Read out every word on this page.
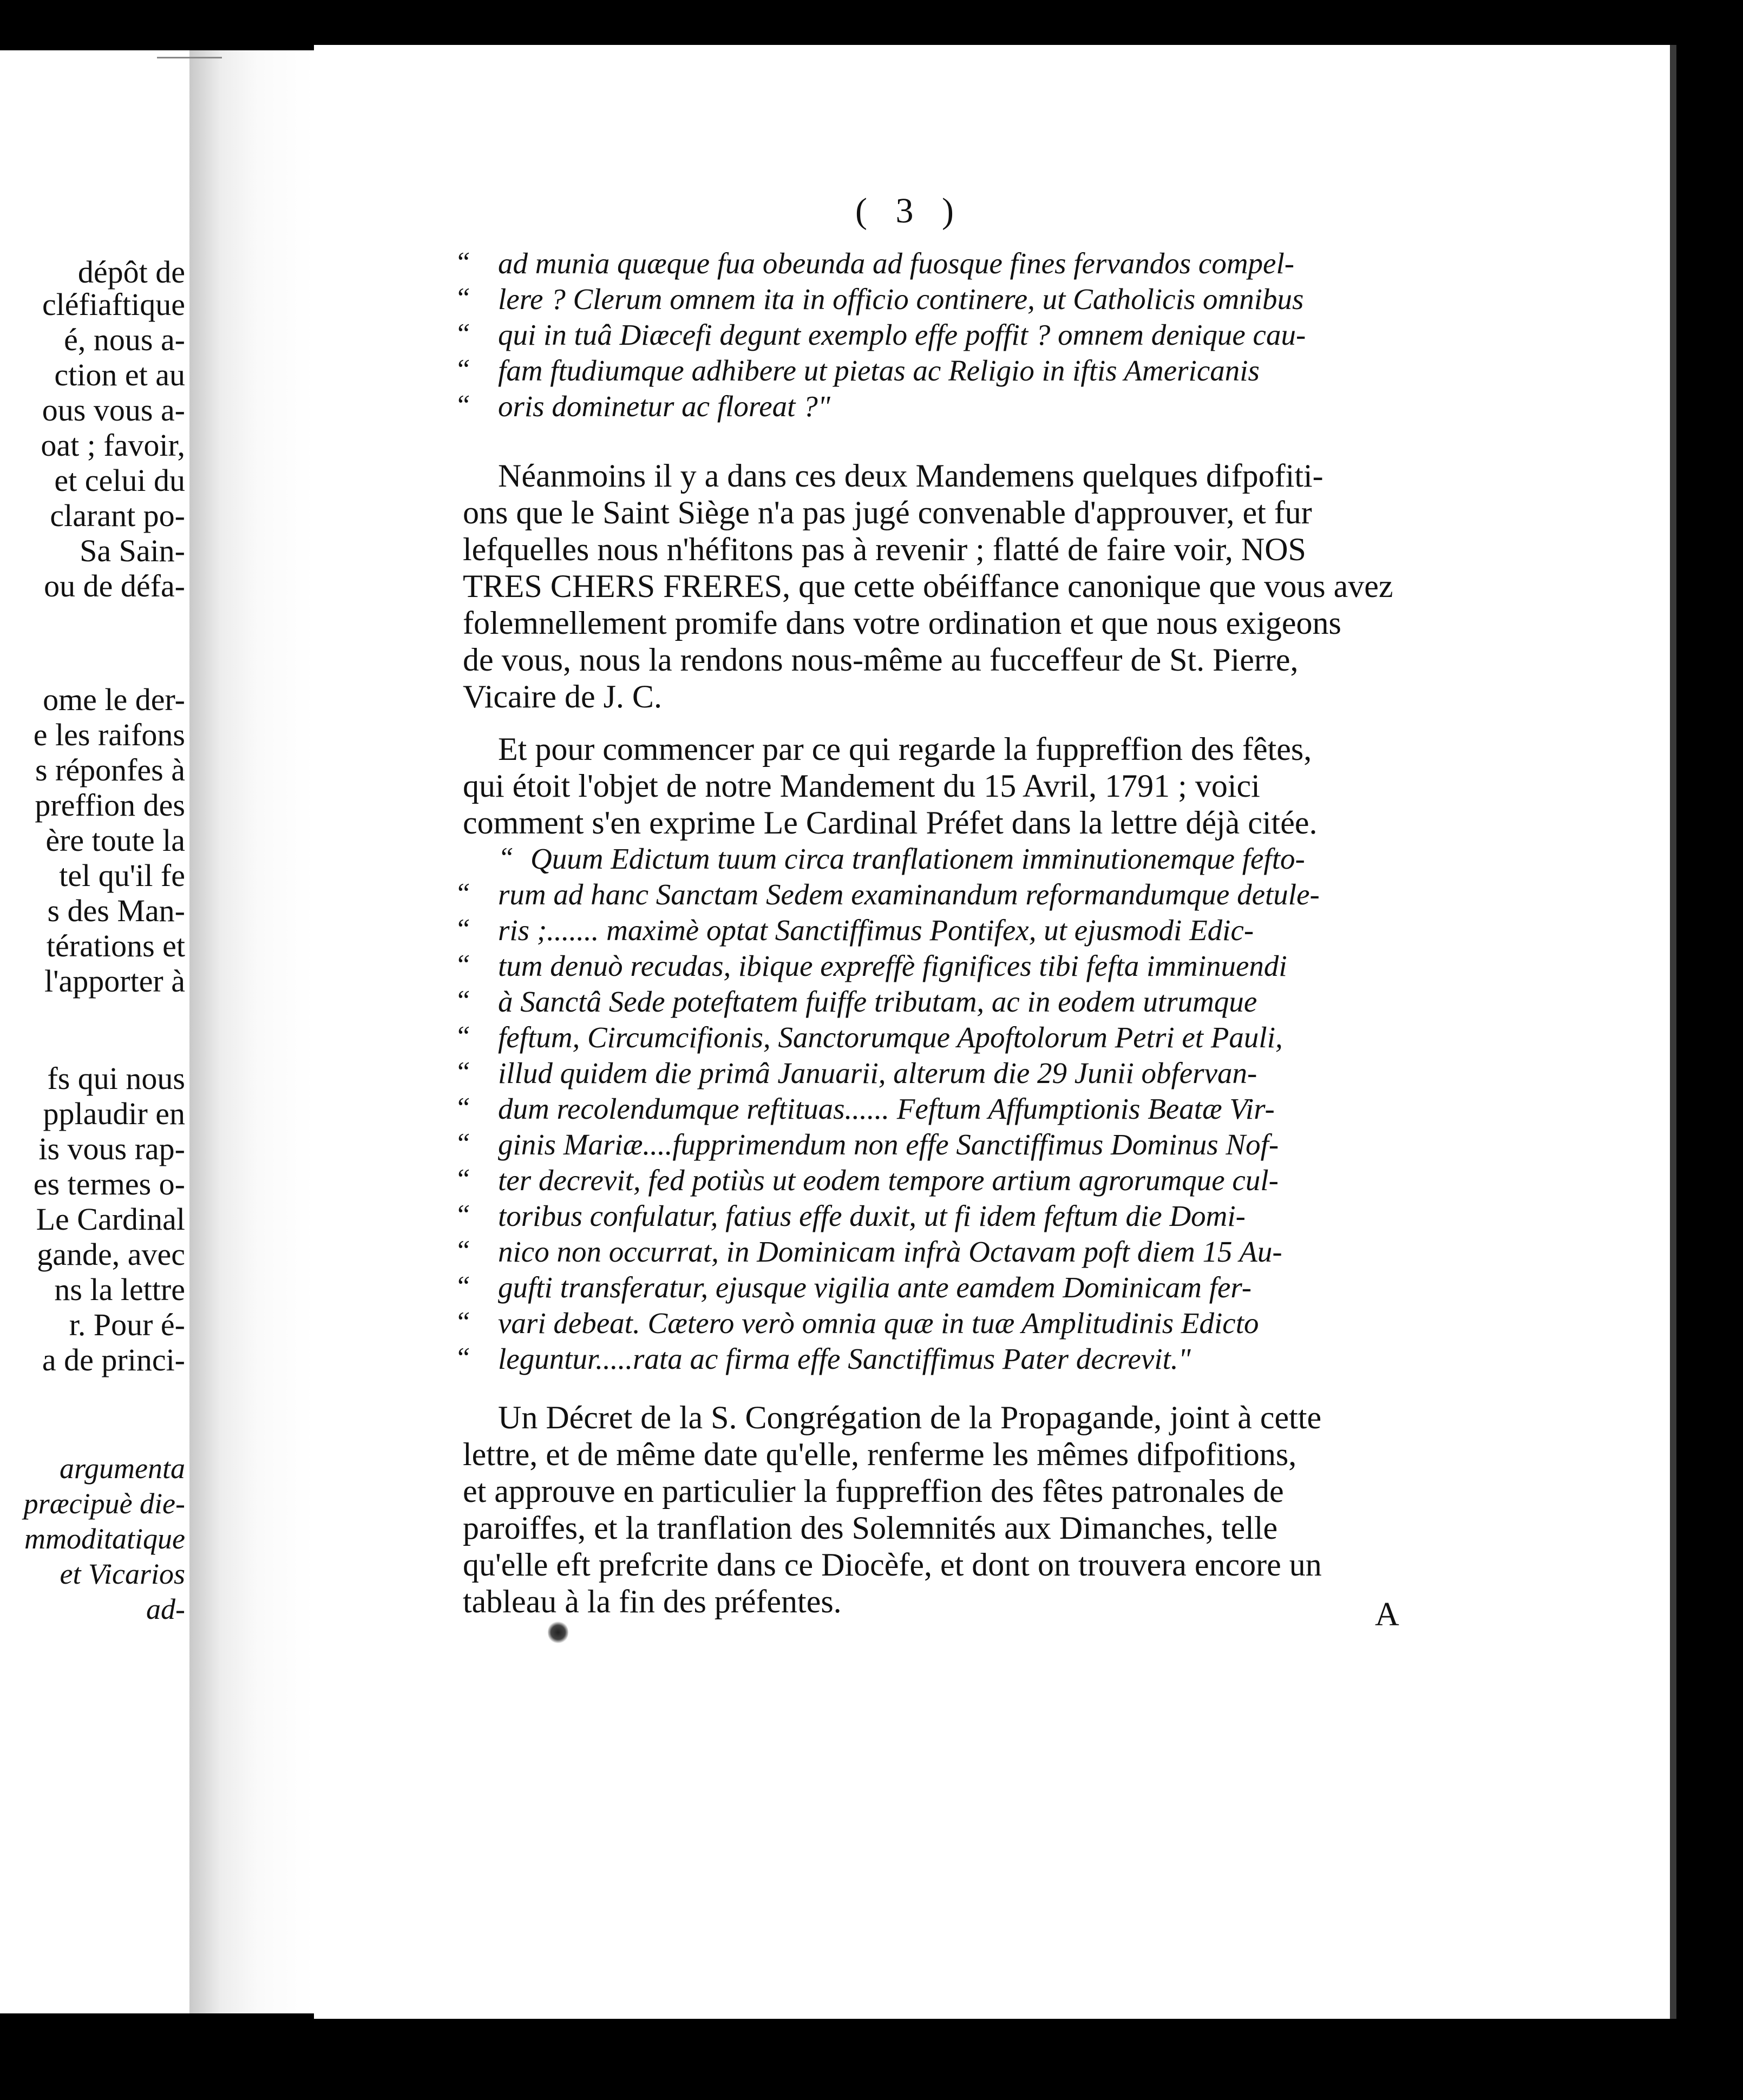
dépôt de
cléfiaftique
é, nous a-
ction et au
ous vous a-
oat ; favoir,
et celui du
clarant po-
Sa Sain-
ou de défa-
ome le der-
e les raifons
s réponfes à
preffion des
ère toute la
tel qu'il fe
s des Man-
térations et
l'apporter à
fs qui nous
pplaudir en
is vous rap-
es termes o-
Le Cardinal
gande, avec
ns la lettre
r. Pour é-
a de princi-
argumenta
præcipuè die-
mmoditatique
et Vicarios
ad-
( 3 )
“ ad munia quæque fua obeunda ad fuosque fines fervandos compel-
“ lere ? Clerum omnem ita in officio continere, ut Catholicis omnibus
“ qui in tuâ Diæcefi degunt exemplo effe poffit ? omnem denique cau-
“ fam ftudiumque adhibere ut pietas ac Religio in iftis Americanis
“ oris dominetur ac floreat ?"
Néanmoins il y a dans ces deux Mandemens quelques difpofiti-
ons que le Saint Siège n'a pas jugé convenable d'approuver, et fur
lefquelles nous n'héfitons pas à revenir ; flatté de faire voir, NOS
TRES CHERS FRERES, que cette obéiffance canonique que vous avez
folemnellement promife dans votre ordination et que nous exigeons
de vous, nous la rendons nous-même au fucceffeur de St. Pierre,
Vicaire de J. C.
Et pour commencer par ce qui regarde la fuppreffion des fêtes,
qui étoit l'objet de notre Mandement du 15 Avril, 1791 ; voici
comment s'en exprime Le Cardinal Préfet dans la lettre déjà citée.
“ Quum Edictum tuum circa tranflationem imminutionemque fefto-
“ rum ad hanc Sanctam Sedem examinandum reformandumque detule-
“ ris ;....... maximè optat Sanctiffimus Pontifex, ut ejusmodi Edic-
“ tum denuò recudas, ibique expreffè fignifices tibi fefta imminuendi
“ à Sanctâ Sede poteftatem fuiffe tributam, ac in eodem utrumque
“ feftum, Circumcifionis, Sanctorumque Apoftolorum Petri et Pauli,
“ illud quidem die primâ Januarii, alterum die 29 Junii obfervan-
“ dum recolendumque reftituas...... Feftum Affumptionis Beatæ Vir-
“ ginis Mariæ....fupprimendum non effe Sanctiffimus Dominus Nof-
“ ter decrevit, fed potiùs ut eodem tempore artium agrorumque cul-
“ toribus confulatur, fatius effe duxit, ut fi idem feftum die Domi-
“ nico non occurrat, in Dominicam infrà Octavam poft diem 15 Au-
“ gufti transferatur, ejusque vigilia ante eamdem Dominicam fer-
“ vari debeat. Cætero verò omnia quæ in tuæ Amplitudinis Edicto
“ leguntur.....rata ac firma effe Sanctiffimus Pater decrevit."
Un Décret de la S. Congrégation de la Propagande, joint à cette
lettre, et de même date qu'elle, renferme les mêmes difpofitions,
et approuve en particulier la fuppreffion des fêtes patronales de
paroiffes, et la tranflation des Solemnités aux Dimanches, telle
qu'elle eft prefcrite dans ce Diocèfe, et dont on trouvera encore un
tableau à la fin des préfentes.	A
